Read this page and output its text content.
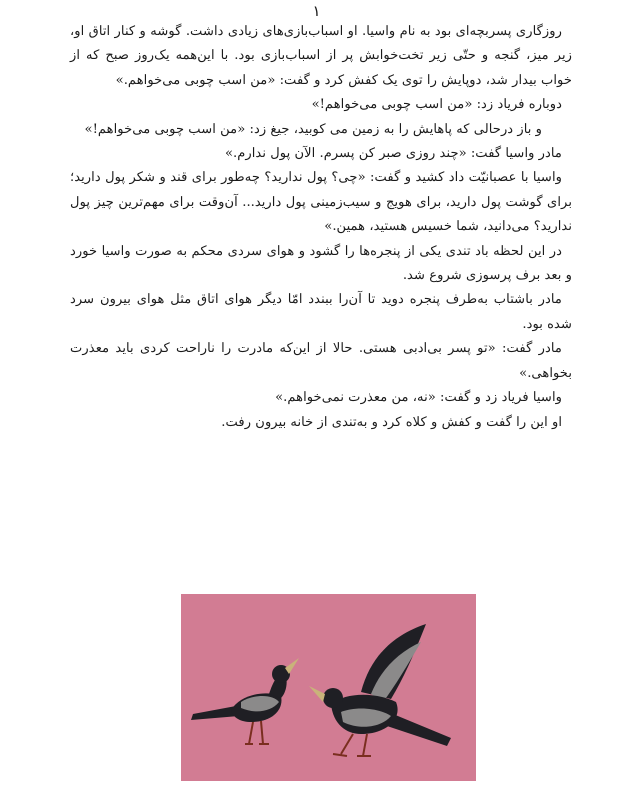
۱

روزگاری پسربچه‌ای بود به نام واسیا. او اسباب‌بازی‌های زیادی داشت. گوشه و کنار اتاق او، زیر میز، گنجه و حتّی زیر تخت‌خوابش پر از اسباب‌بازی بود. با این‌همه یک‌روز صبح که از خواب بیدار شد، دوپایش را توی یک کفش کرد و گفت: «من اسب چوبی می‌خواهم.»

دوباره فریاد زد: «من اسب چوبی می‌خواهم!»

و باز درحالی که پاهایش را به زمین می کوبید، جیغ زد: «من اسب چوبی می‌خواهم!»

مادر واسیا گفت: «چند روزی صبر کن پسرم. الآن پول ندارم.»

واسیا با عصبانیّت داد کشید و گفت: «چی؟ پول ندارید؟ چه‌طور برای قند و شکر پول دارید؛ برای گوشت پول دارید، برای هویج و سیب‌زمینی پول دارید... آن‌وقت برای مهم‌ترین چیز پول ندارید؟ می‌دانید، شما خسیس هستید، همین.»

در این لحظه باد تندی یکی از پنجره‌ها را گشود و هوای سردی محکم به صورت واسیا خورد و بعد برف پرسوزی شروع شد.

مادر باشتاب به‌طرف پنجره دوید تا آن‌را ببندد امّا دیگر هوای اتاق مثل هوای بیرون سرد شده بود.

مادر گفت: «تو پسر بی‌ادبی هستی. حالا از این‌که مادرت را ناراحت کردی باید معذرت بخواهی.»

واسیا فریاد زد و گفت: «نه، من معذرت نمی‌خواهم.»

او این را گفت و کفش و کلاه کرد و به‌تندی از خانه بیرون رفت.
